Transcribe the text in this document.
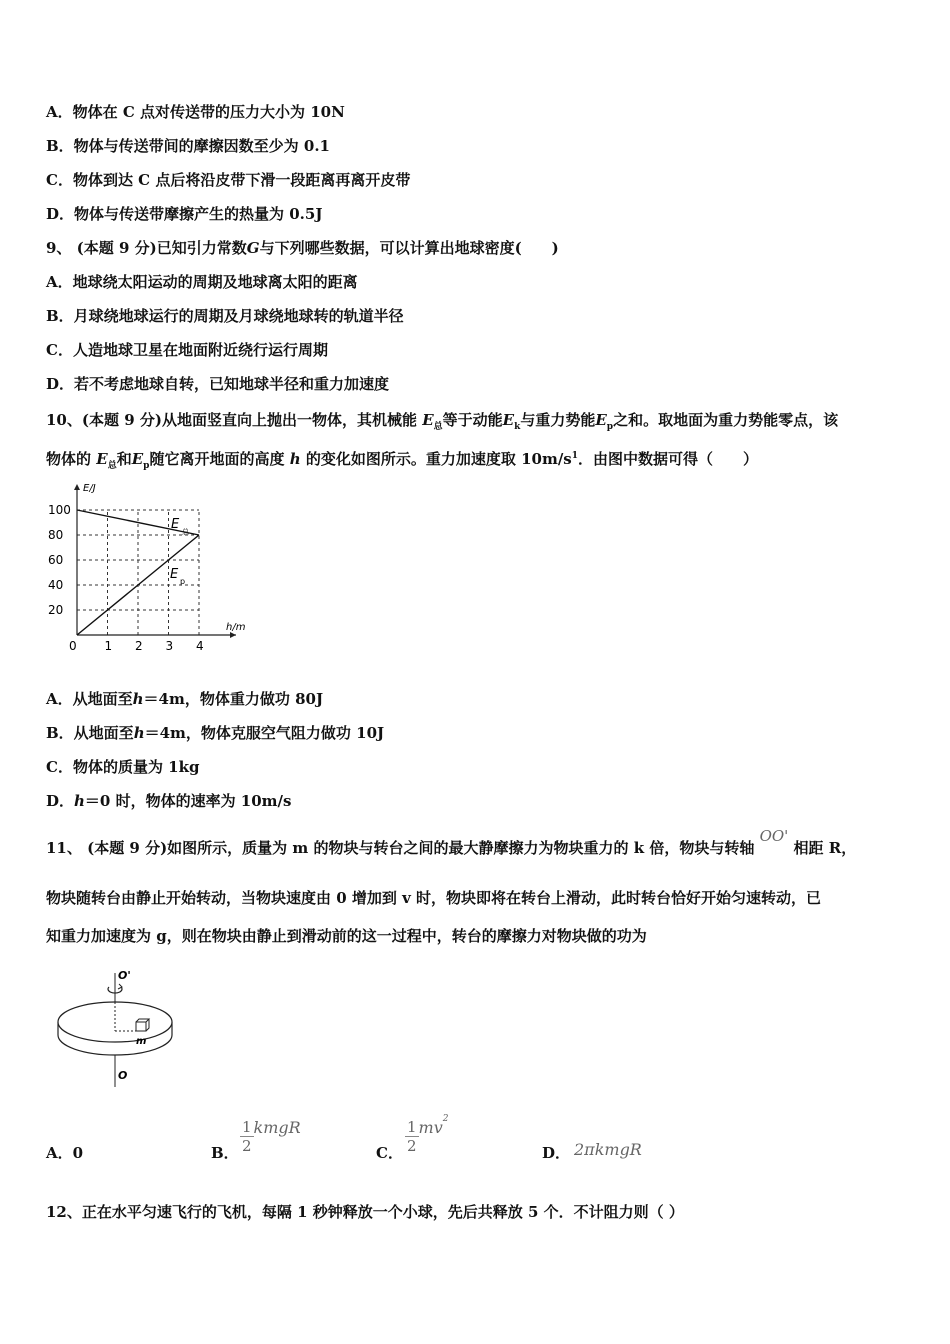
A．物体在 C 点对传送带的压力大小为 10N
B．物体与传送带间的摩擦因数至少为 0.1
C．物体到达 C 点后将沿皮带下滑一段距离再离开皮带
D．物体与传送带摩擦产生的热量为 0.5J
9、 (本题 9 分)已知引力常数G与下列哪些数据，可以计算出地球密度(　　)
A．地球绕太阳运动的周期及地球离太阳的距离
B．月球绕地球运行的周期及月球绕地球转的轨道半径
C．人造地球卫星在地面附近绕行运行周期
D．若不考虑地球自转，已知地球半径和重力加速度
10、(本题 9 分)从地面竖直向上抛出一物体，其机械能 $E_总$等于动能$E_k$与重力势能$E_p$之和。取地面为重力势能零点，该
物体的 $E_总$和$E_p$随它离开地面的高度 h 的变化如图所示。重力加速度取 $10m/s^1$．由图中数据可得（　　）
100
80
60
40
20
0 1 2 3 4
E/J
h/m
E 总
E p
A．从地面至h＝4m，物体重力做功 80J
B．从地面至h＝4m，物体克服空气阻力做功 10J
C．物体的质量为 1kg
D．h＝0 时，物体的速率为 10m/s
11、 (本题 9 分)如图所示，质量为 m 的物块与转台之间的最大静摩擦力为物块重力的 k 倍，物块与转轴 OO' 相距 R，
物块随转台由静止开始转动，当物块速度由 0 增加到 v 时，物块即将在转台上滑动，此时转台恰好开始匀速转动，已
知重力加速度为 g，则在物块由静止到滑动前的这一过程中，转台的摩擦力对物块做的功为
O'
m
O
A．0	B． $\frac{1}{2}$ kmgR
C． $\frac{1}{2} mv^2$
D． 2πkmgR
12、正在水平匀速飞行的飞机，每隔 1 秒钟释放一个小球，先后共释放 5 个．不计阻力则（ ）
